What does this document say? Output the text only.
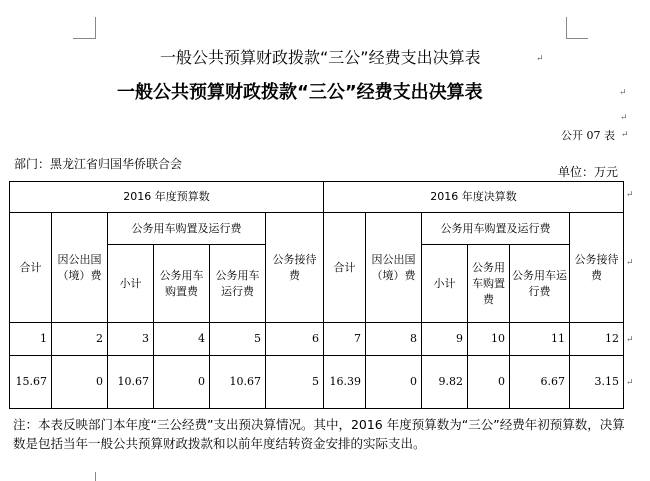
一般公共预算财政拨款“三公”经费支出决算表	↵
一般公共预算财政拨款“三公”经费支出决算表	↵
↵
公开 07 表 ↵
部门：黑龙江省归国华侨联合会
单位：万元
2016 年度预算数						2016 年度决算数					
合计	因公出国（境）费	公务用车购置及运行费			公务接待费	合计	因公出国（境）费	公务用车购置及运行费			公务接待费
		小计	公务用车购置费	公务用车运行费				小计	公务用车购置费	公务用车运行费	
1	2	3	4	5	6	7	8	9	10	11	12
15.67	0	10.67	0	10.67	5	16.39	0	9.82	0	6.67	3.15
↵
↵
↵
↵
注：本表反映部门本年度“三公经费”支出预决算情况。其中，2016 年度预算数为“三公”经费年初预算数，决算数是包括当年一般公共预算财政拨款和以前年度结转资金安排的实际支出。
